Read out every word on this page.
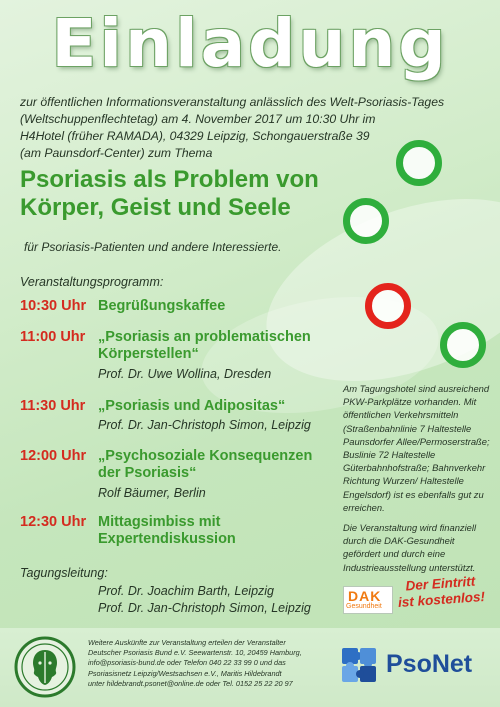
Einladung
zur öffentlichen Informationsveranstaltung anlässlich des Welt-Psoriasis-Tages
(Weltschuppenflechtetag) am 4. November 2017 um 10:30 Uhr im
H4Hotel (früher RAMADA), 04329 Leipzig, Schongauerstraße 39
(am Paunsdorf-Center) zum Thema
Psoriasis als Problem von
Körper, Geist und Seele
für Psoriasis-Patienten und andere Interessierte.
Veranstaltungsprogramm:
10:30 Uhr Begrüßungskaffee
11:00 Uhr „Psoriasis an problematischen
Körperstellen“
Prof. Dr. Uwe Wollina, Dresden
11:30 Uhr „Psoriasis und Adipositas“
Prof. Dr. Jan-Christoph Simon, Leipzig
12:00 Uhr „Psychosoziale Konsequenzen
der Psoriasis“
Rolf Bäumer, Berlin
12:30 Uhr Mittagsimbiss mit
Expertendiskussion
Tagungsleitung:
Prof. Dr. Joachim Barth, Leipzig
Prof. Dr. Jan-Christoph Simon, Leipzig

Am Tagungshotel sind ausreichend PKW-Parkplätze vorhanden. Mit öffentlichen Verkehrsmitteln (Straßenbahnlinie 7 Haltestelle Paunsdorfer Allee/Permoserstraße; Buslinie 72 Haltestelle Güterbahnhofstraße; Bahnverkehr Richtung Wurzen/ Haltestelle Engelsdorf) ist es ebenfalls gut zu erreichen.

Die Veranstaltung wird finanziell durch die DAK-Gesundheit gefördert und durch eine Industrieausstellung unterstützt.

DAK
Gesundheit
Der Eintritt
ist kostenlos!
Weitere Auskünfte zur Veranstaltung erteilen der Veranstalter
Deutscher Psoriasis Bund e.V. Seewartenstr. 10, 20459 Hamburg,
info@psoriasis-bund.de oder Telefon 040 22 33 99 0 und das
Psoriasisnetz Leipzig/Westsachsen e.V., Maritis Hildebrandt
unter hildebrandt.psonet@online.de oder Tel. 0152 25 22 20 97
PsoNet
